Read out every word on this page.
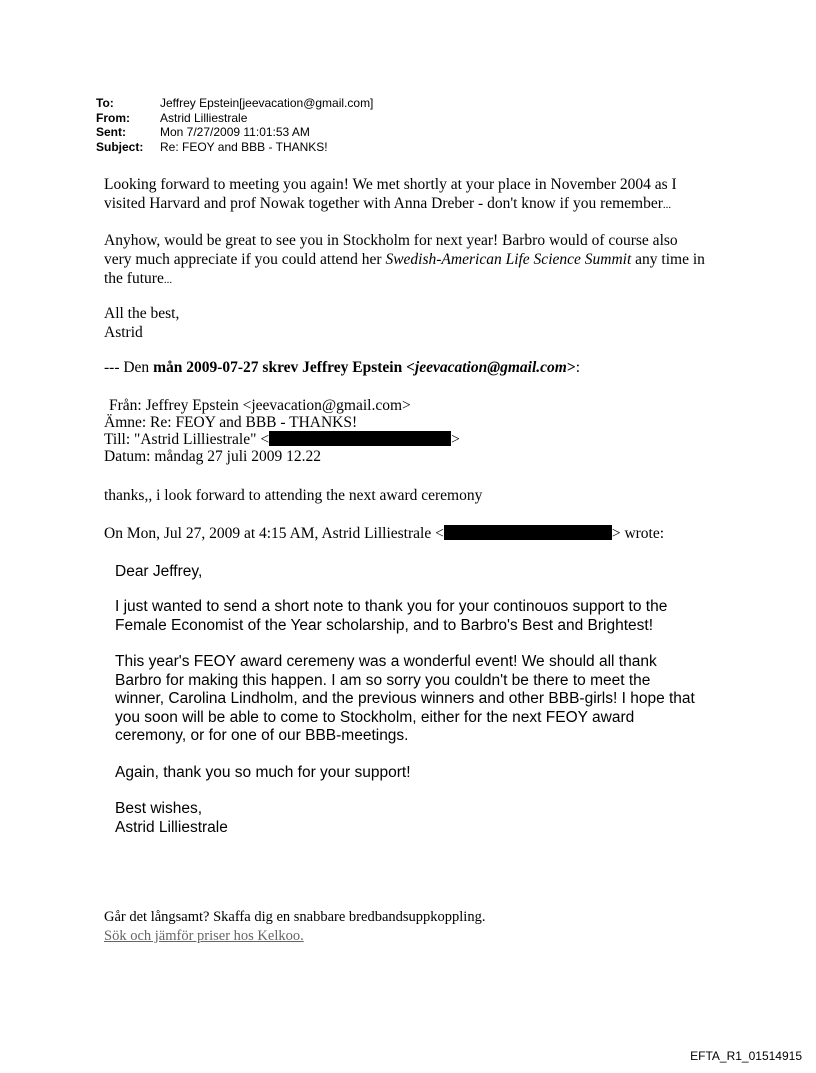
To:	Jeffrey Epstein[jeevacation@gmail.com]
From:	Astrid Lilliestrale
Sent:	Mon 7/27/2009 11:01:53 AM
Subject: Re: FEOY and BBB - THANKS!
Looking forward to meeting you again! We met shortly at your place in November 2004 as I
visited Harvard and prof Nowak together with Anna Dreber - don't know if you remember...
Anyhow, would be great to see you in Stockholm for next year! Barbro would of course also
very much appreciate if you could attend her Swedish-American Life Science Summit any time in
the future...
All the best,
Astrid
--- Den mån 2009-07-27 skrev Jeffrey Epstein <jeevacation@gmail.com>:
Från: Jeffrey Epstein <jeevacation@gmail.com>
Ämne: Re: FEOY and BBB - THANKS!
Till: "Astrid Lilliestrale" <	>
Datum: måndag 27 juli 2009 12.22
thanks,, i look forward to attending the next award ceremony
On Mon, Jul 27, 2009 at 4:15 AM, Astrid Lilliestrale <	> wrote:
Dear Jeffrey,
I just wanted to send a short note to thank you for your continouos support to the
Female Economist of the Year scholarship, and to Barbro's Best and Brightest!
This year's FEOY award ceremeny was a wonderful event! We should all thank
Barbro for making this happen. I am so sorry you couldn't be there to meet the
winner, Carolina Lindholm, and the previous winners and other BBB-girls! I hope that
you soon will be able to come to Stockholm, either for the next FEOY award
ceremony, or for one of our BBB-meetings.
Again, thank you so much for your support!
Best wishes,
Astrid Lilliestrale
Går det långsamt? Skaffa dig en snabbare bredbandsuppkoppling.
Sök och jämför priser hos Kelkoo.
EFTA_R1_01514915
